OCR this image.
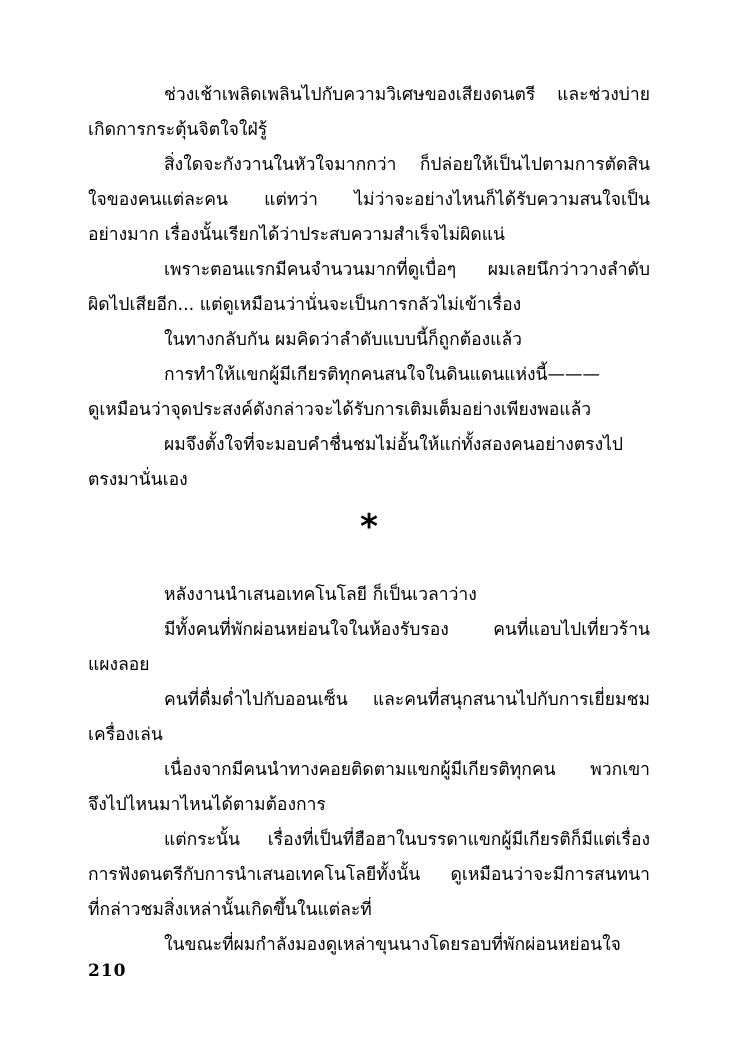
ช่วงเช้าเพลิดเพลินไปกับความวิเศษของเสียงดนตรี และช่วงบ่าย
เกิดการกระตุ้นจิตใจใฝ่รู้
สิ่งใดจะกังวานในหัวใจมากกว่า ก็ปล่อยให้เป็นไปตามการตัดสิน
ใจของคนแต่ละคน แต่ทว่า ไม่ว่าจะอย่างไหนก็ได้รับความสนใจเป็น
อย่างมาก เรื่องนั้นเรียกได้ว่าประสบความสำเร็จไม่ผิดแน่
เพราะตอนแรกมีคนจำนวนมากที่ดูเบื่อๆ ผมเลยนึกว่าวางลำดับ
ผิดไปเสียอีก... แต่ดูเหมือนว่านั่นจะเป็นการกลัวไม่เข้าเรื่อง
ในทางกลับกัน ผมคิดว่าลำดับแบบนี้ก็ถูกต้องแล้ว
การทำให้แขกผู้มีเกียรติทุกคนสนใจในดินแดนแห่งนี้———
ดูเหมือนว่าจุดประสงค์ดังกล่าวจะได้รับการเติมเต็มอย่างเพียงพอแล้ว
ผมจึงตั้งใจที่จะมอบคำชื่นชมไม่อั้นให้แก่ทั้งสองคนอย่างตรงไป
ตรงมานั่นเอง
*
หลังงานนำเสนอเทคโนโลยี ก็เป็นเวลาว่าง
มีทั้งคนที่พักผ่อนหย่อนใจในห้องรับรอง คนที่แอบไปเที่ยวร้าน
แผงลอย
คนที่ดื่มด่ำไปกับออนเซ็น และคนที่สนุกสนานไปกับการเยี่ยมชม
เครื่องเล่น
เนื่องจากมีคนนำทางคอยติดตามแขกผู้มีเกียรติทุกคน พวกเขา
จึงไปไหนมาไหนได้ตามต้องการ
แต่กระนั้น เรื่องที่เป็นที่ฮือฮาในบรรดาแขกผู้มีเกียรติก็มีแต่เรื่อง
การฟังดนตรีกับการนำเสนอเทคโนโลยีทั้งนั้น ดูเหมือนว่าจะมีการสนทนา
ที่กล่าวชมสิ่งเหล่านั้นเกิดขึ้นในแต่ละที่
ในขณะที่ผมกำลังมองดูเหล่าขุนนางโดยรอบที่พักผ่อนหย่อนใจ
210
